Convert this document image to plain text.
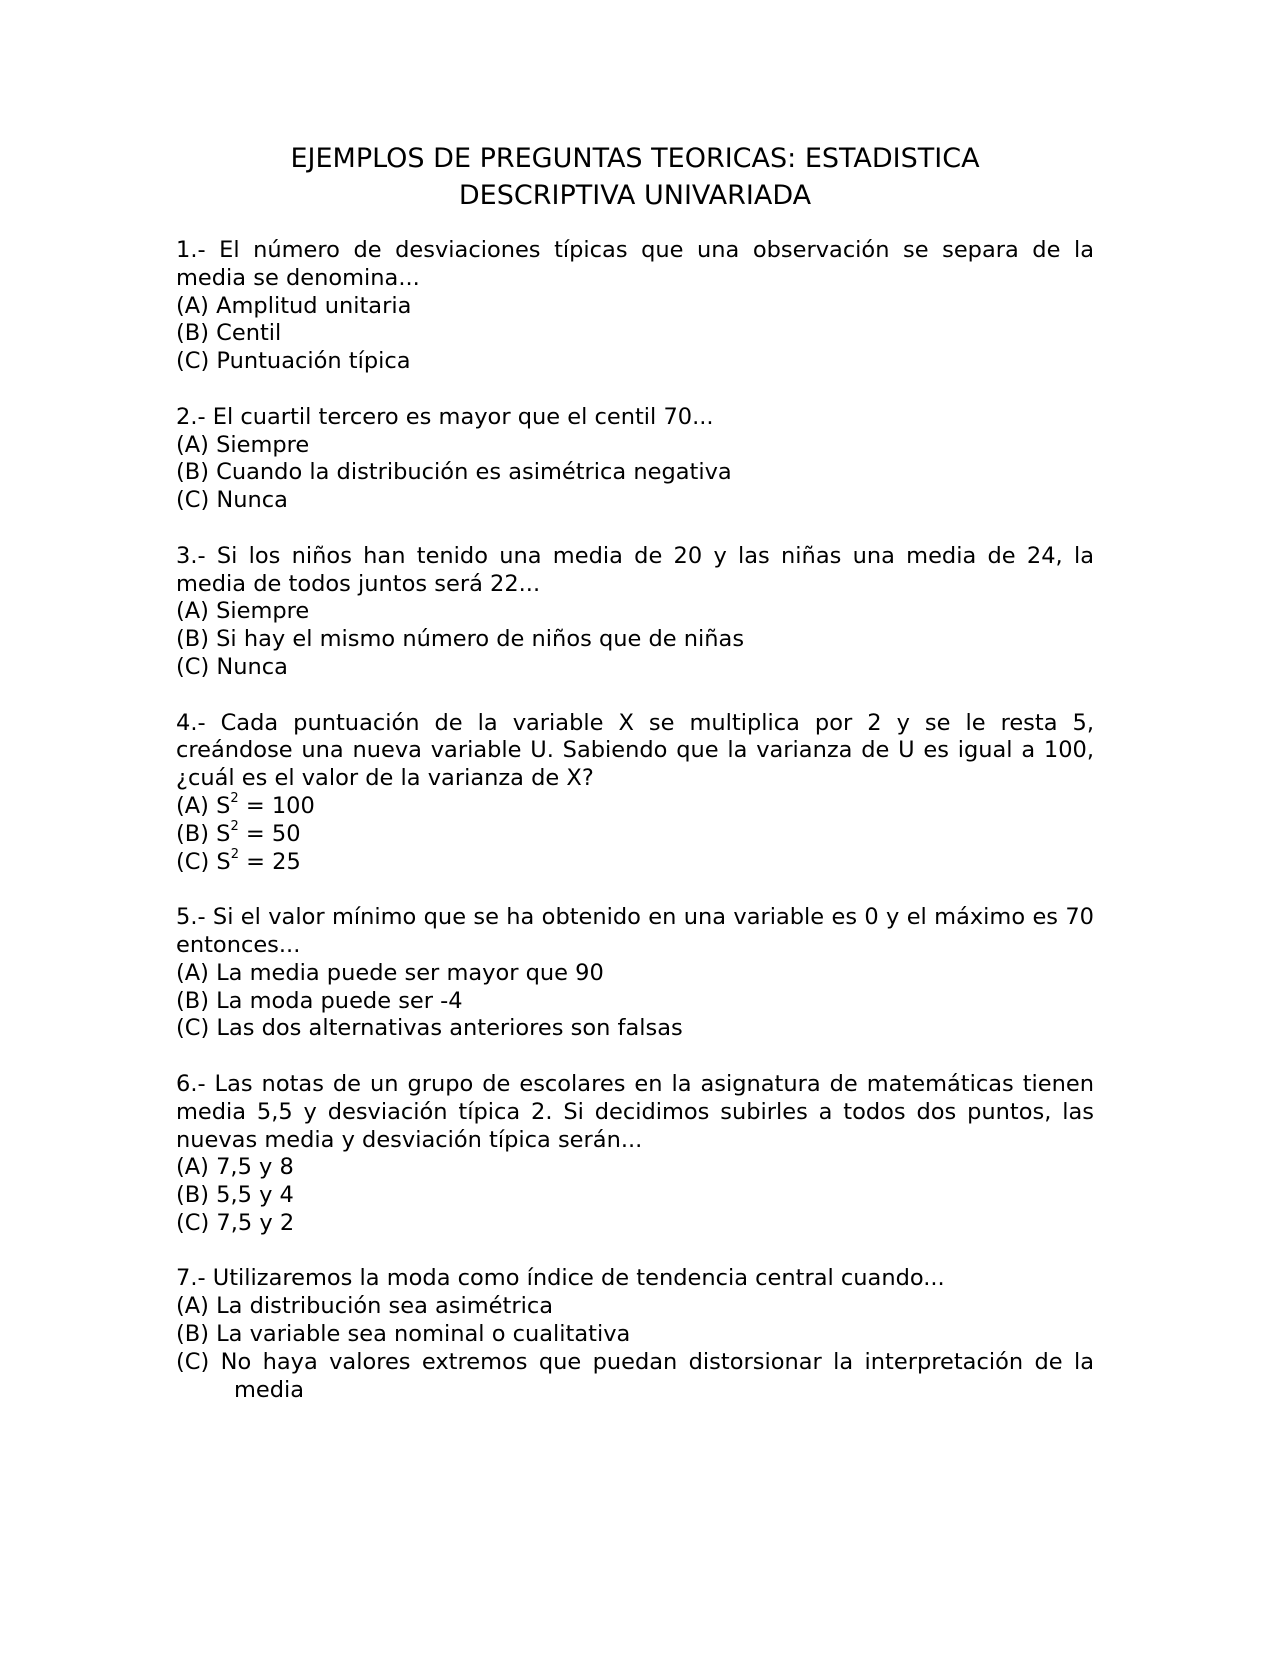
EJEMPLOS DE PREGUNTAS TEORICAS: ESTADISTICA
DESCRIPTIVA UNIVARIADA
1.- El número de desviaciones típicas que una observación se separa de la media se denomina...
(A) Amplitud unitaria
(B) Centil
(C) Puntuación típica
2.- El cuartil tercero es mayor que el centil 70...
(A) Siempre
(B) Cuando la distribución es asimétrica negativa
(C) Nunca
3.- Si los niños han tenido una media de 20 y las niñas una media de 24, la media de todos juntos será 22...
(A) Siempre
(B) Si hay el mismo número de niños que de niñas
(C) Nunca
4.- Cada puntuación de la variable X se multiplica por 2 y se le resta 5, creándose una nueva variable U. Sabiendo que la varianza de U es igual a 100, ¿cuál es el valor de la varianza de X?
(A) $S^2 = 100$
(B) $S^2 = 50$
(C) $S^2 = 25$
5.- Si el valor mínimo que se ha obtenido en una variable es 0 y el máximo es 70 entonces...
(A) La media puede ser mayor que 90
(B) La moda puede ser -4
(C) Las dos alternativas anteriores son falsas
6.- Las notas de un grupo de escolares en la asignatura de matemáticas tienen media 5,5 y desviación típica 2. Si decidimos subirles a todos dos puntos, las nuevas media y desviación típica serán...
(A) 7,5 y 8
(B) 5,5 y 4
(C) 7,5 y 2
7.- Utilizaremos la moda como índice de tendencia central cuando...
(A) La distribución sea asimétrica
(B) La variable sea nominal o cualitativa
(C) No haya valores extremos que puedan distorsionar la interpretación de la media
